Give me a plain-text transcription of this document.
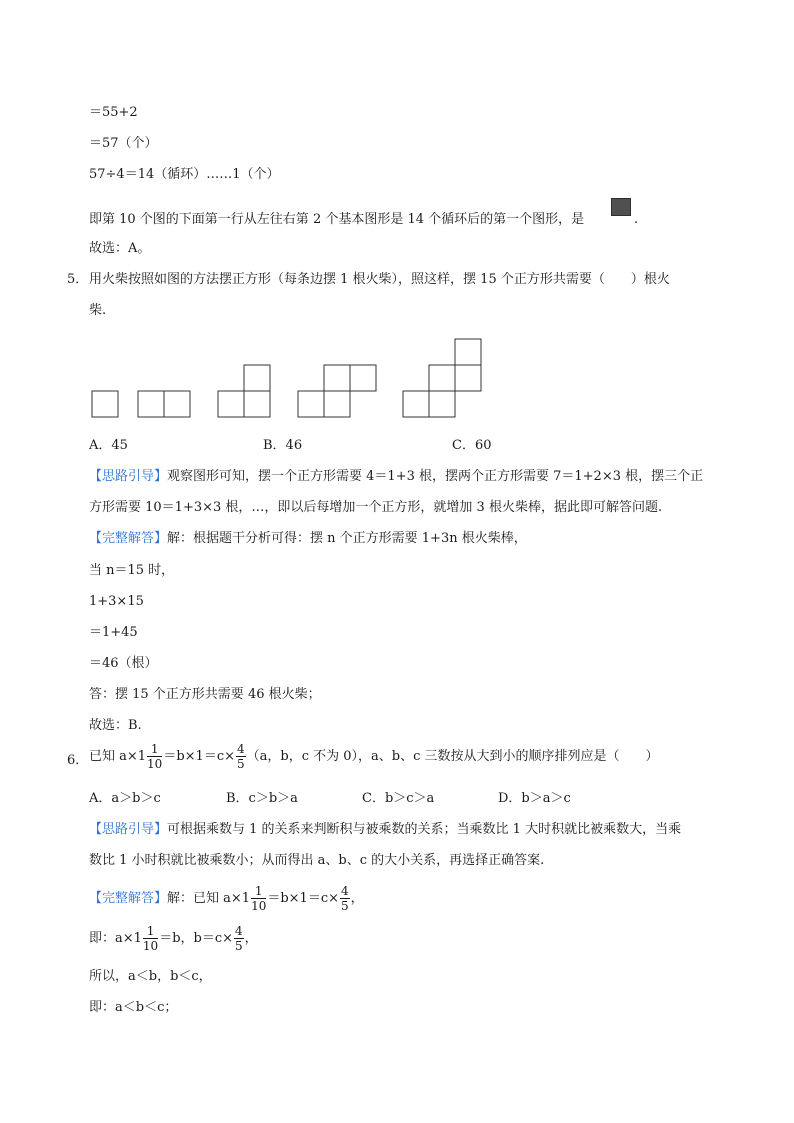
＝55+2
＝57（个）
57÷4＝14（循环）……1（个）
即第 10 个图的下面第一行从左往右第 2 个基本图形是 14 个循环后的第一个图形，是	.
故选：A。
5． 用火柴按照如图的方法摆正方形（每条边摆 1 根火柴），照这样，摆 15 个正方形共需要（　　）根火
柴.
A．45	B．46	C．60
【思路引导】观察图形可知，摆一个正方形需要 4＝1+3 根，摆两个正方形需要 7＝1+2×3 根，摆三个正
方形需要 10＝1+3×3 根，…，即以后每增加一个正方形，就增加 3 根火柴棒，据此即可解答问题.
【完整解答】解：根据题干分析可得：摆 n 个正方形需要 1+3n 根火柴棒，
当 n＝15 时，
1+3×15
＝1+45
＝46（根）
答：摆 15 个正方形共需要 46 根火柴；
故选：B.
6． 已知 $a\times 1 \frac{1}{10} =b\times 1=c\times \frac{4}{5} (a$，b，c 不为 0），a、b、c 三数按从大到小的顺序排列应是（　　）
A．a＞b＞c	B．c＞b＞a	C．b＞c＞a	D．b＞a＞c
【思路引导】可根据乘数与 1 的关系来判断积与被乘数的关系；当乘数比 1 大时积就比被乘数大，当乘
数比 1 小时积就比被乘数小；从而得出 a、b、c 的大小关系，再选择正确答案.
【完整解答】 解：已知 $a\times 1 \frac{1}{10} =b\times 1=c\times \frac{4}{5}$ ，
即：$a\times 1 \frac{1}{10} =b$，$b=c\times \frac{4}{5}$ ，
所以，a＜b，b＜c，
即：a＜b＜c；
